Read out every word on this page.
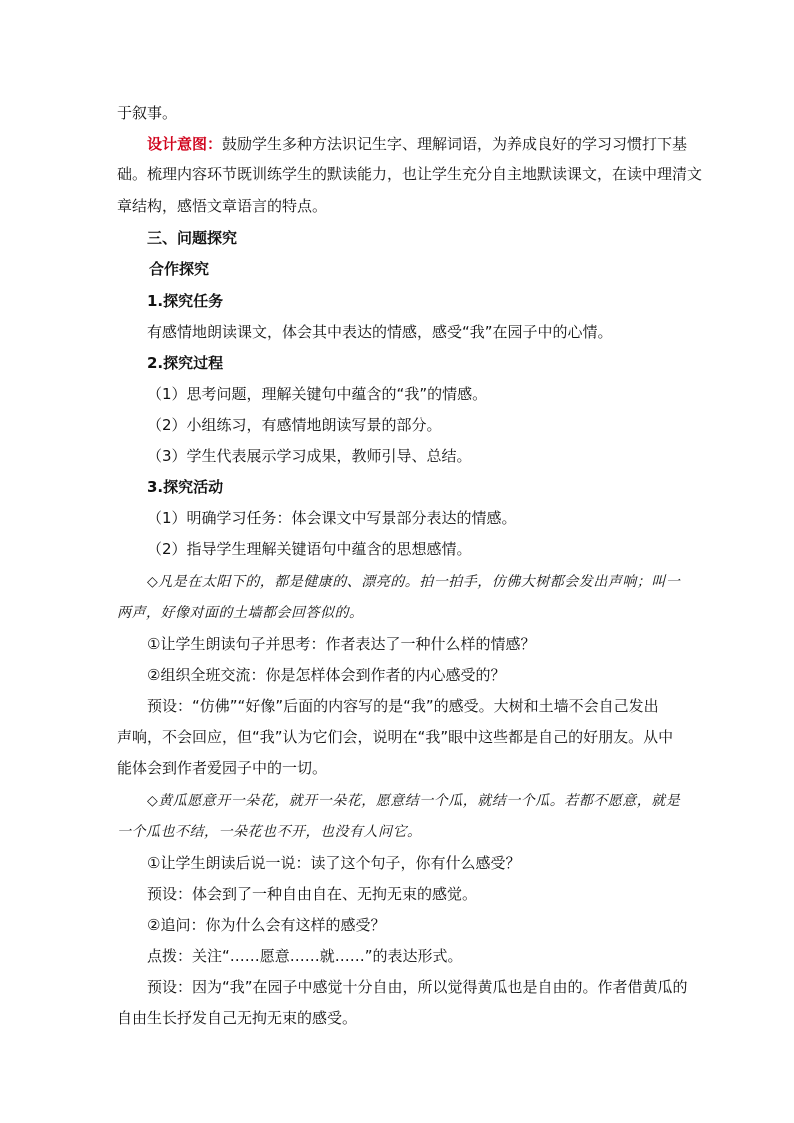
于叙事。
设计意图：鼓励学生多种方法识记生字、理解词语，为养成良好的学习习惯打下基
础。梳理内容环节既训练学生的默读能力，也让学生充分自主地默读课文，在读中理清文
章结构，感悟文章语言的特点。
三、问题探究
合作探究
1.探究任务
有感情地朗读课文，体会其中表达的情感，感受“我”在园子中的心情。
2.探究过程
（1）思考问题，理解关键句中蕴含的“我”的情感。
（2）小组练习，有感情地朗读写景的部分。
（3）学生代表展示学习成果，教师引导、总结。
3.探究活动
（1）明确学习任务：体会课文中写景部分表达的情感。
（2）指导学生理解关键语句中蕴含的思想感情。
◇凡是在太阳下的，都是健康的、漂亮的。拍一拍手，仿佛大树都会发出声响；叫一
两声，好像对面的土墙都会回答似的。
①让学生朗读句子并思考：作者表达了一种什么样的情感？
②组织全班交流：你是怎样体会到作者的内心感受的？
预设：“仿佛”“好像”后面的内容写的是“我”的感受。大树和土墙不会自己发出
声响，不会回应，但“我”认为它们会，说明在“我”眼中这些都是自己的好朋友。从中
能体会到作者爱园子中的一切。
◇黄瓜愿意开一朵花，就开一朵花，愿意结一个瓜，就结一个瓜。若都不愿意，就是
一个瓜也不结，一朵花也不开，也没有人问它。
①让学生朗读后说一说：读了这个句子，你有什么感受？
预设：体会到了一种自由自在、无拘无束的感觉。
②追问：你为什么会有这样的感受？
点拨：关注“……愿意……就……”的表达形式。
预设：因为“我”在园子中感觉十分自由，所以觉得黄瓜也是自由的。作者借黄瓜的
自由生长抒发自己无拘无束的感受。
